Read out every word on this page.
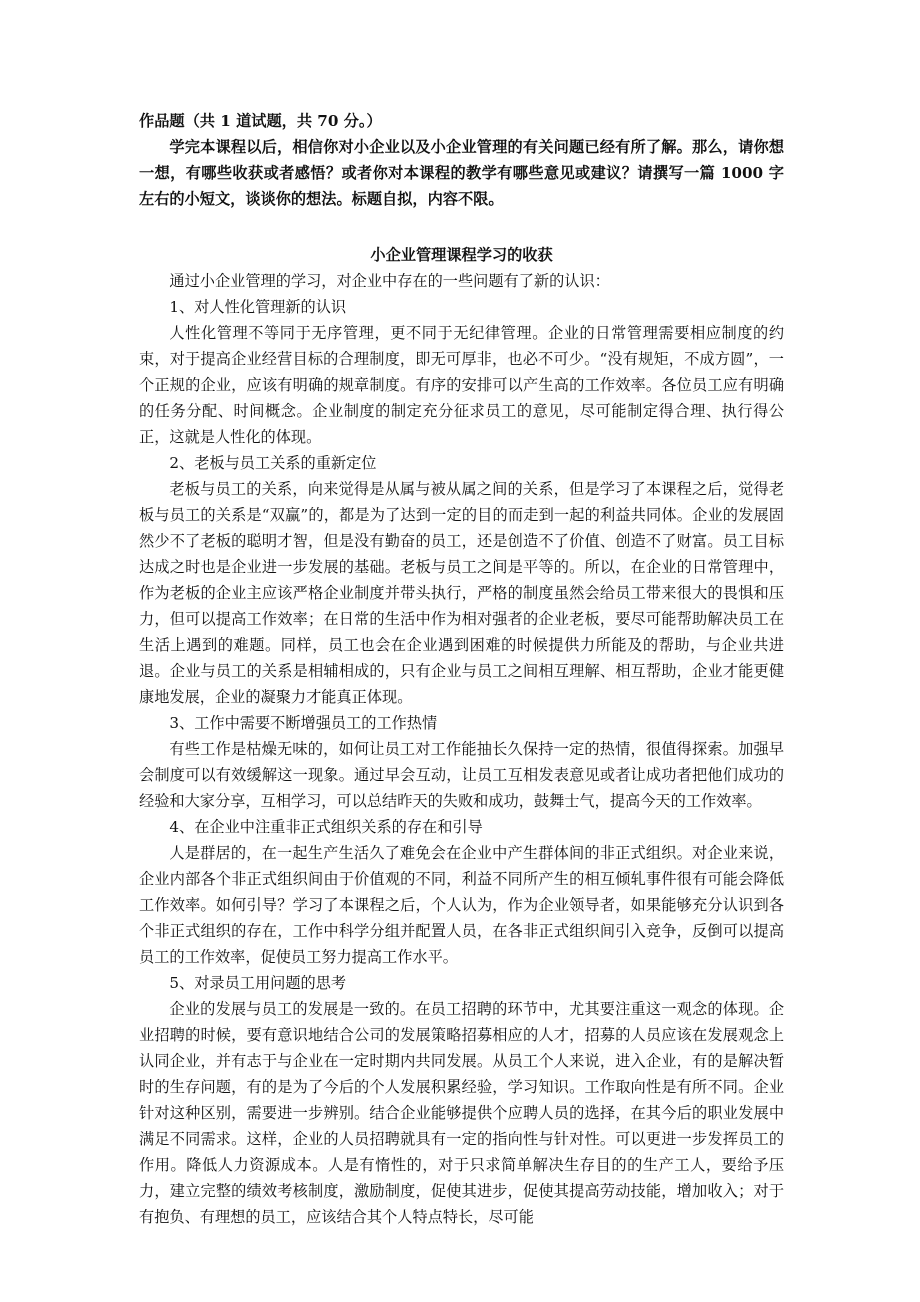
作品题（共 1 道试题，共 70 分。）

学完本课程以后，相信你对小企业以及小企业管理的有关问题已经有所了解。那么，请你想一想，有哪些收获或者感悟？或者你对本课程的教学有哪些意见或建议？请撰写一篇 1000 字左右的小短文，谈谈你的想法。标题自拟，内容不限。

小企业管理课程学习的收获

通过小企业管理的学习，对企业中存在的一些问题有了新的认识：

1、对人性化管理新的认识

人性化管理不等同于无序管理，更不同于无纪律管理。企业的日常管理需要相应制度的约束，对于提高企业经营目标的合理制度，即无可厚非，也必不可少。“没有规矩，不成方圆”，一个正规的企业，应该有明确的规章制度。有序的安排可以产生高的工作效率。各位员工应有明确的任务分配、时间概念。企业制度的制定充分征求员工的意见，尽可能制定得合理、执行得公正，这就是人性化的体现。

2、老板与员工关系的重新定位

老板与员工的关系，向来觉得是从属与被从属之间的关系，但是学习了本课程之后，觉得老板与员工的关系是“双赢”的，都是为了达到一定的目的而走到一起的利益共同体。企业的发展固然少不了老板的聪明才智，但是没有勤奋的员工，还是创造不了价值、创造不了财富。员工目标达成之时也是企业进一步发展的基础。老板与员工之间是平等的。所以，在企业的日常管理中，作为老板的企业主应该严格企业制度并带头执行，严格的制度虽然会给员工带来很大的畏惧和压力，但可以提高工作效率；在日常的生活中作为相对强者的企业老板，要尽可能帮助解决员工在生活上遇到的难题。同样，员工也会在企业遇到困难的时候提供力所能及的帮助，与企业共进退。企业与员工的关系是相辅相成的，只有企业与员工之间相互理解、相互帮助，企业才能更健康地发展，企业的凝聚力才能真正体现。

3、工作中需要不断增强员工的工作热情

有些工作是枯燥无味的，如何让员工对工作能抽长久保持一定的热情，很值得探索。加强早会制度可以有效缓解这一现象。通过早会互动，让员工互相发表意见或者让成功者把他们成功的经验和大家分享，互相学习，可以总结昨天的失败和成功，鼓舞士气，提高今天的工作效率。

4、在企业中注重非正式组织关系的存在和引导

人是群居的，在一起生产生活久了难免会在企业中产生群体间的非正式组织。对企业来说，企业内部各个非正式组织间由于价值观的不同，利益不同所产生的相互倾轧事件很有可能会降低工作效率。如何引导？学习了本课程之后，个人认为，作为企业领导者，如果能够充分认识到各个非正式组织的存在，工作中科学分组并配置人员，在各非正式组织间引入竞争，反倒可以提高员工的工作效率，促使员工努力提高工作水平。

5、对录员工用问题的思考

企业的发展与员工的发展是一致的。在员工招聘的环节中，尤其要注重这一观念的体现。企业招聘的时候，要有意识地结合公司的发展策略招募相应的人才，招募的人员应该在发展观念上认同企业，并有志于与企业在一定时期内共同发展。从员工个人来说，进入企业，有的是解决暂时的生存问题，有的是为了今后的个人发展积累经验，学习知识。工作取向性是有所不同。企业针对这种区别，需要进一步辨别。结合企业能够提供个应聘人员的选择，在其今后的职业发展中满足不同需求。这样，企业的人员招聘就具有一定的指向性与针对性。可以更进一步发挥员工的作用。降低人力资源成本。人是有惰性的，对于只求简单解决生存目的的生产工人，要给予压力，建立完整的绩效考核制度，激励制度，促使其进步，促使其提高劳动技能，增加收入；对于有抱负、有理想的员工，应该结合其个人特点特长，尽可能
